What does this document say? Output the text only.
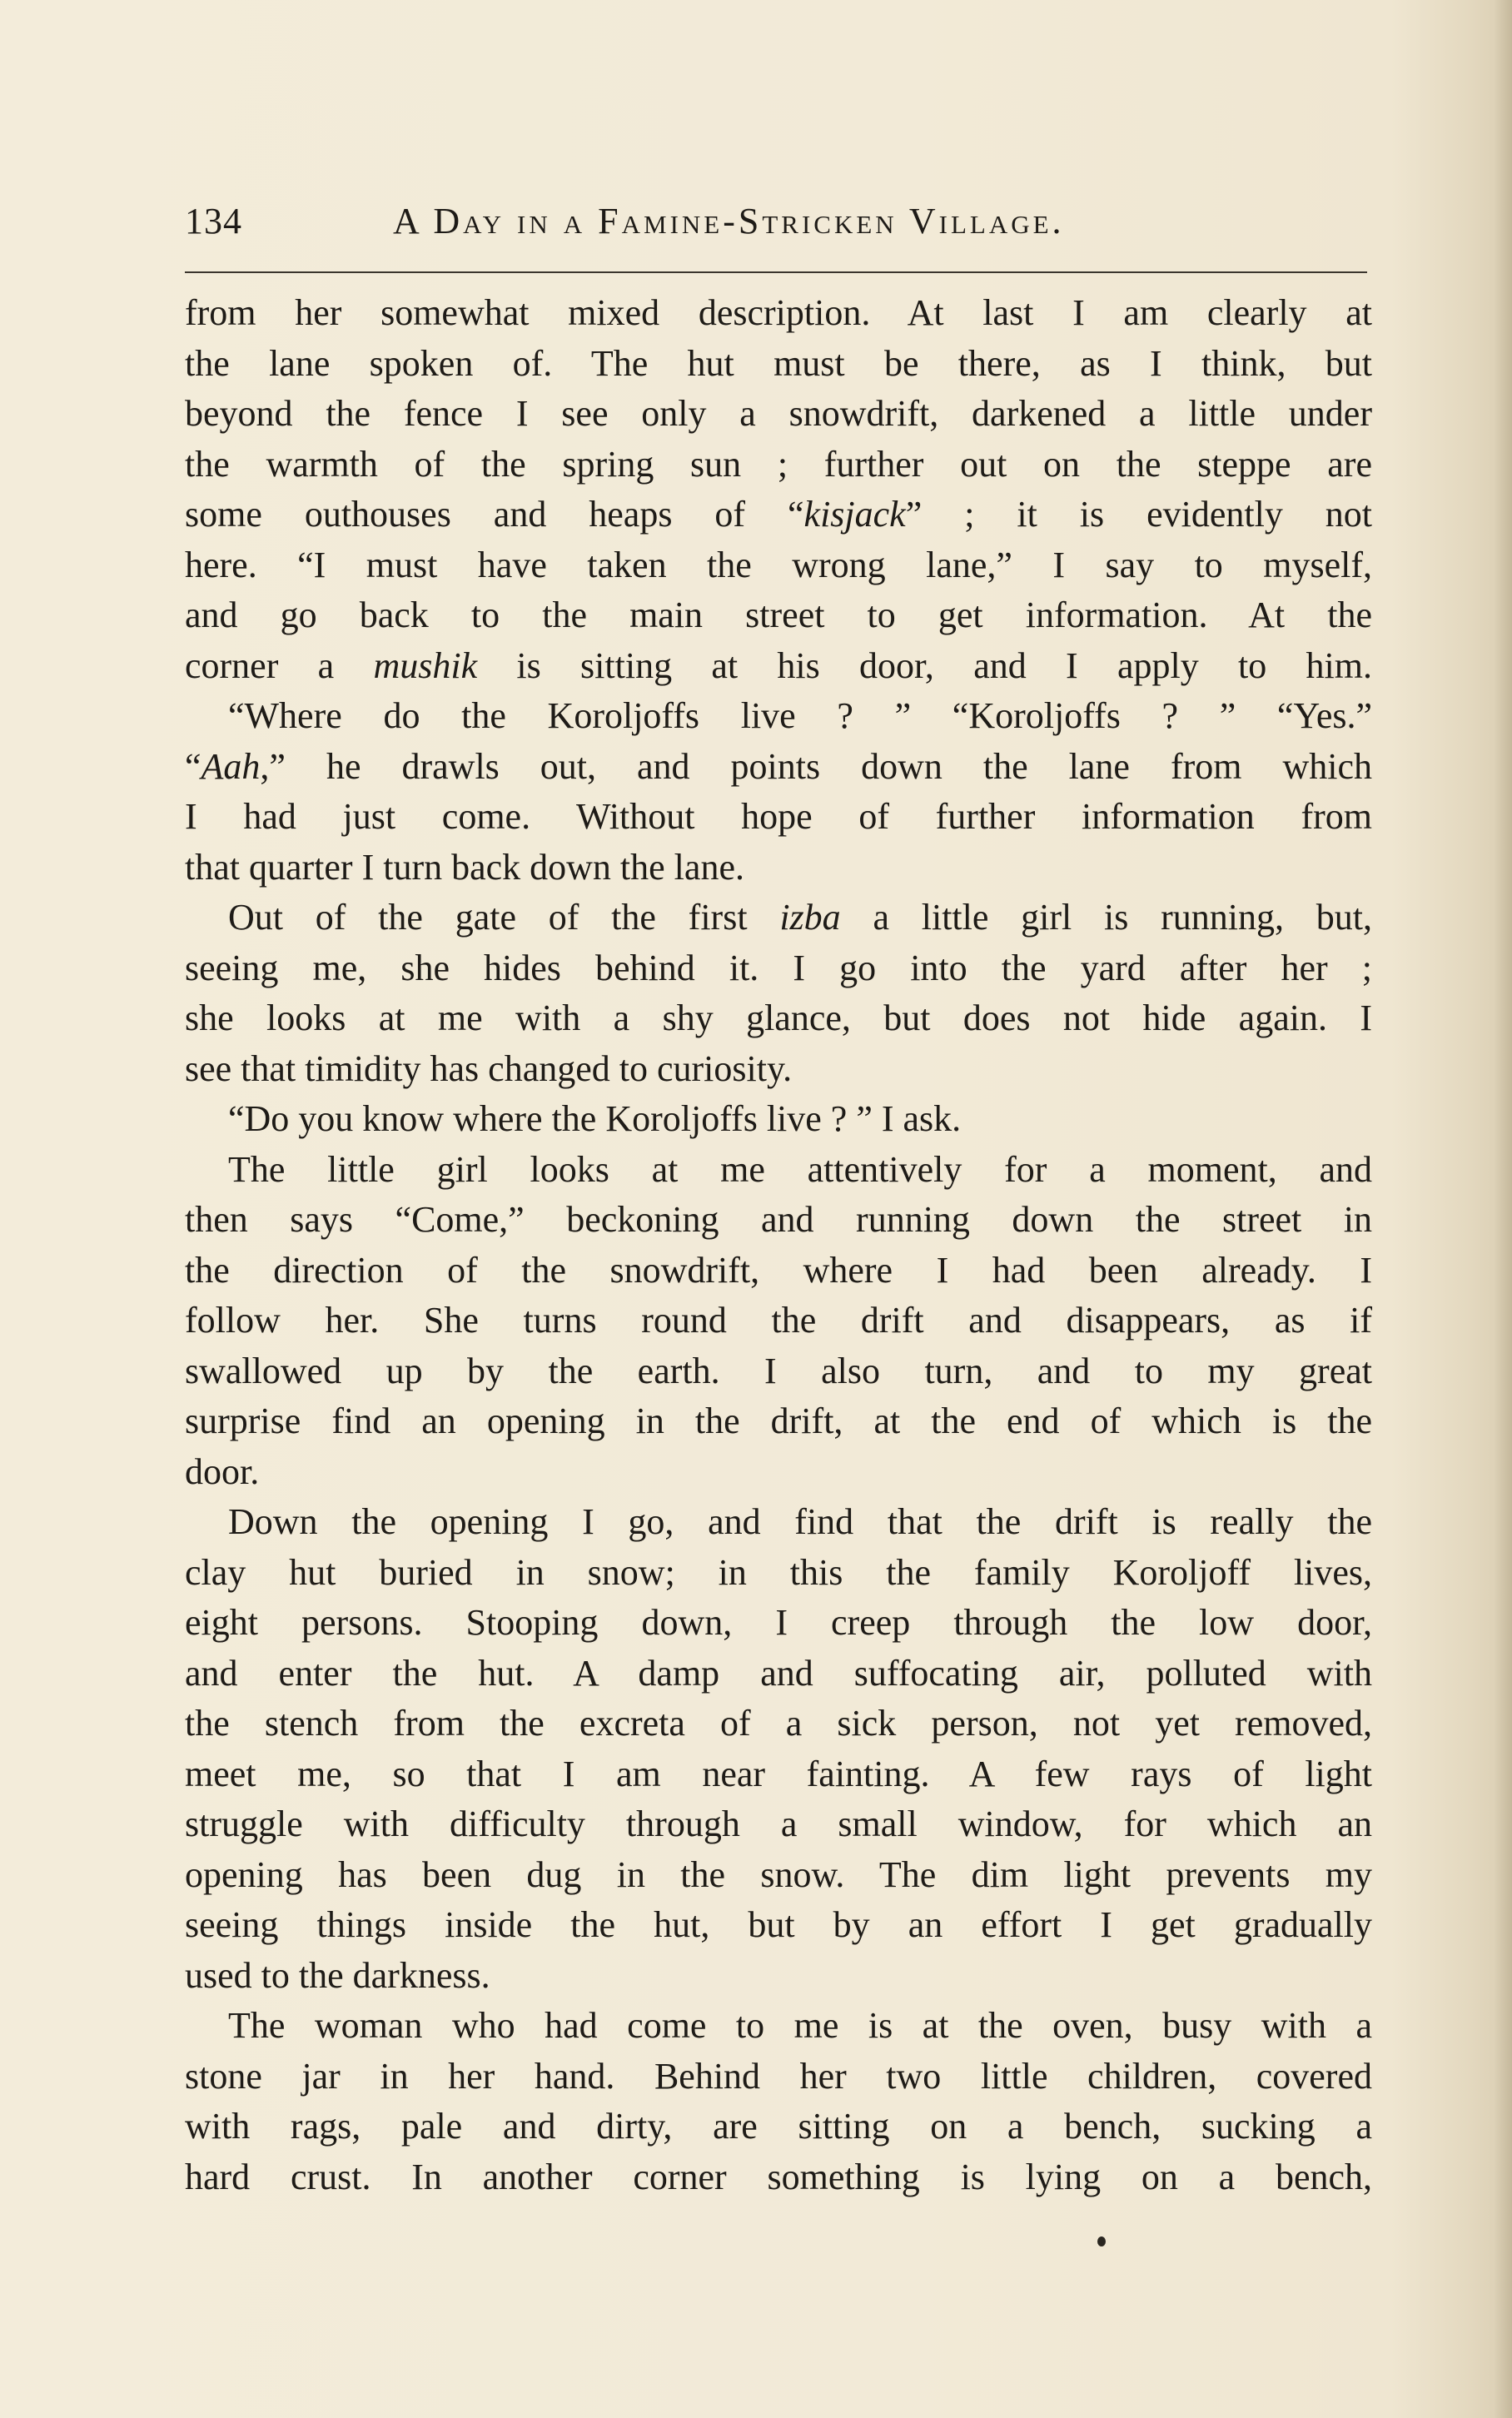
134	A Day in a Famine-Stricken Village.
from her somewhat mixed description. At last I am clearly at
the lane spoken of. The hut must be there, as I think, but
beyond the fence I see only a snowdrift, darkened a little under
the warmth of the spring sun ; further out on the steppe are
some outhouses and heaps of “kisjack” ; it is evidently not
here. “I must have taken the wrong lane,” I say to myself,
and go back to the main street to get information. At the
corner a mushik is sitting at his door, and I apply to him.
“Where do the Koroljoffs live ? ” “Koroljoffs ? ” “Yes.”
“Aah,” he drawls out, and points down the lane from which
I had just come. Without hope of further information from
that quarter I turn back down the lane.
Out of the gate of the first izba a little girl is running, but,
seeing me, she hides behind it. I go into the yard after her ;
she looks at me with a shy glance, but does not hide again. I
see that timidity has changed to curiosity.
“Do you know where the Koroljoffs live ? ” I ask.
The little girl looks at me attentively for a moment, and
then says “Come,” beckoning and running down the street in
the direction of the snowdrift, where I had been already. I
follow her. She turns round the drift and disappears, as if
swallowed up by the earth. I also turn, and to my great
surprise find an opening in the drift, at the end of which is the
door.
Down the opening I go, and find that the drift is really the
clay hut buried in snow; in this the family Koroljoff lives,
eight persons. Stooping down, I creep through the low door,
and enter the hut. A damp and suffocating air, polluted with
the stench from the excreta of a sick person, not yet removed,
meet me, so that I am near fainting. A few rays of light
struggle with difficulty through a small window, for which an
opening has been dug in the snow. The dim light prevents my
seeing things inside the hut, but by an effort I get gradually
used to the darkness.
The woman who had come to me is at the oven, busy with a
stone jar in her hand. Behind her two little children, covered
with rags, pale and dirty, are sitting on a bench, sucking a
hard crust. In another corner something is lying on a bench,
